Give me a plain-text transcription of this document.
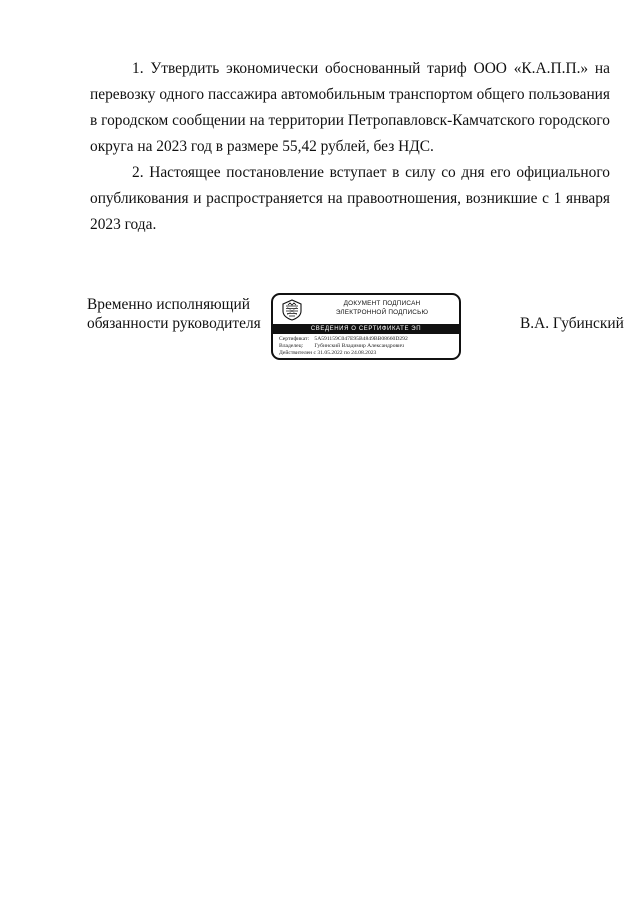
1. Утвердить экономически обоснованный тариф ООО «К.А.П.П.» на перевозку одного пассажира автомобильным транспортом общего пользования в городском сообщении на территории Петропавловск-Камчатского городского округа на 2023 год в размере 55,42 рублей, без НДС.

2. Настоящее постановление вступает в силу со дня его официального опубликования и распространяется на правоотношения, возникшие с 1 января 2023 года.

Временно исполняющий
обязанности руководителя
ДОКУМЕНТ ПОДПИСАН
ЭЛЕКТРОННОЙ ПОДПИСЬЮ
СВЕДЕНИЯ О СЕРТИФИКАТЕ ЭП
Сертификат: 5A591159C047E95B4849BB08660D292
Владелец: Губинский Владимир Александрович
Действителен с 31.05.2022 по 24.08.2023
В.А. Губинский
